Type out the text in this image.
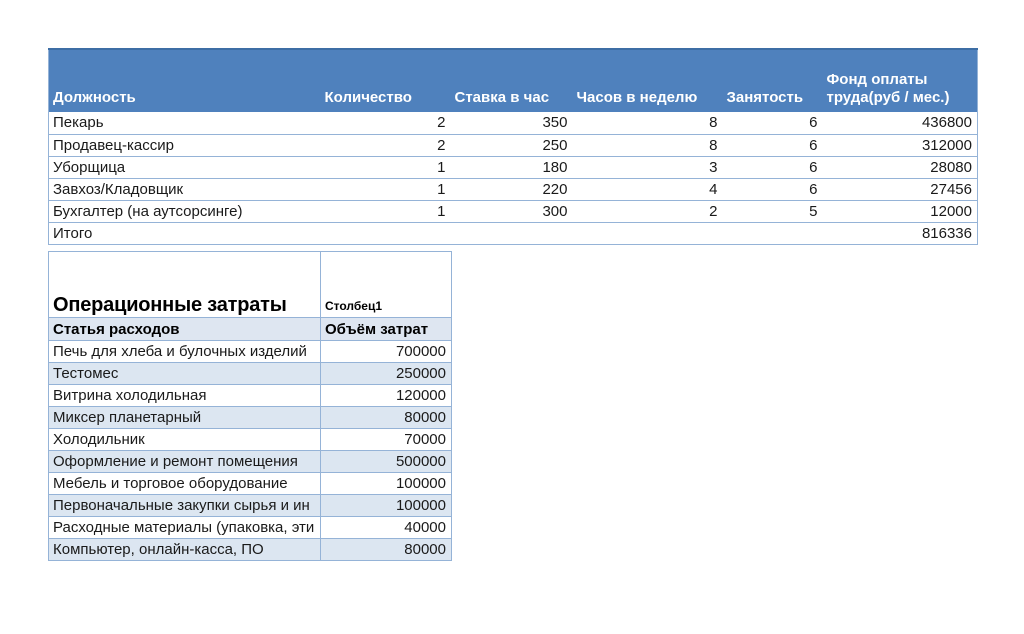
Должность	Количество	Ставка в час	Часов в неделю	Занятость	Фонд оплаты труда(руб / мес.)
Пекарь	2	350	8	6	436800
Продавец-кассир	2	250	8	6	312000
Уборщица	1	180	3	6	28080
Завхоз/Кладовщик	1	220	4	6	27456
Бухгалтер (на аутсорсинге)	1	300	2	5	12000
Итого					816336
Операционные затраты	Столбец1
Статья расходов	Объём затрат
Печь для хлеба и булочных изделий	700000
Тестомес	250000
Витрина холодильная	120000
Миксер планетарный	80000
Холодильник	70000
Оформление и ремонт помещения	500000
Мебель и торговое оборудование	100000
Первоначальные закупки сырья и ин	100000
Расходные материалы (упаковка, эти	40000
Компьютер, онлайн-касса, ПО	80000
